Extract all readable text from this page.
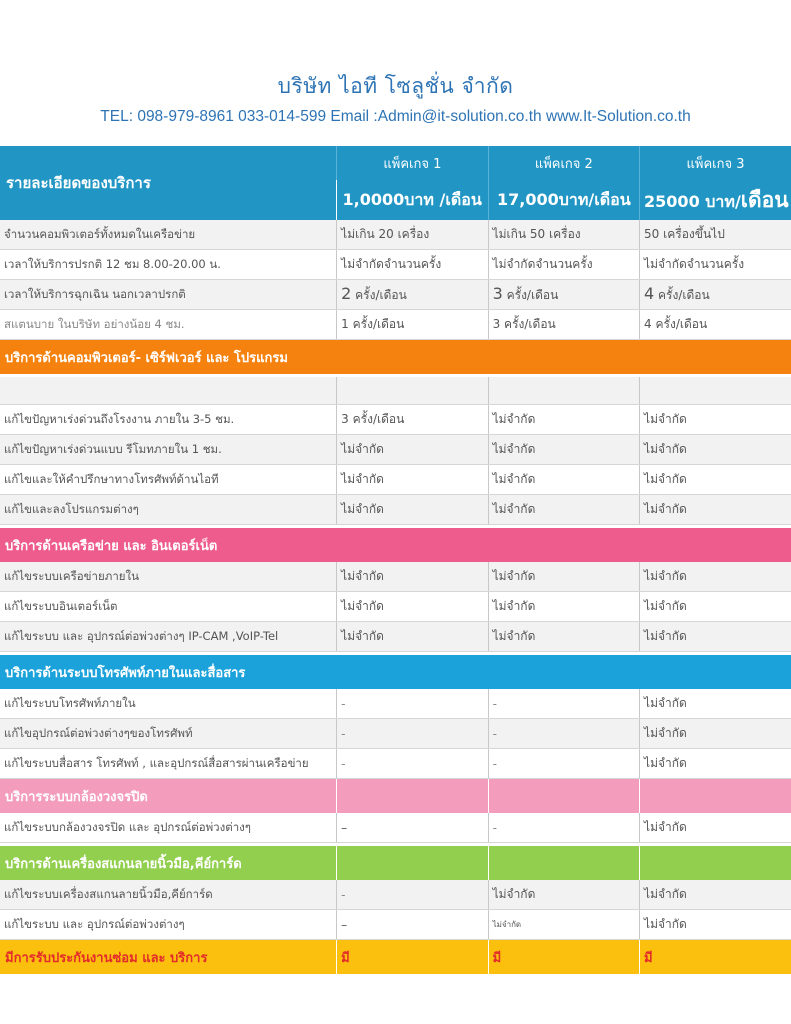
บริษัท ไอที โซลูชั่น จำกัด
TEL: 098-979-8961 033-014-599 Email :Admin@it-solution.co.th www.It-Solution.co.th
รายละเอียดของบริการ	แพ็คเกจ 1	แพ็คเกจ 2	แพ็คเกจ 3
	1,0000บาท /เดือน	17,000บาท/เดือน	25000 บาท/เดือน
จำนวนคอมพิวเตอร์ทั้งหมดในเครือข่าย	ไม่เกิน 20 เครื่อง	ไม่เกิน 50 เครื่อง	50 เครื่องขึ้นไป
เวลาให้บริการปรกติ 12 ชม 8.00-20.00 น.	ไม่จำกัดจำนวนครั้ง	ไม่จำกัดจำนวนครั้ง	ไม่จำกัดจำนวนครั้ง
เวลาให้บริการฉุกเฉิน นอกเวลาปรกติ	2 ครั้ง/เดือน	3 ครั้ง/เดือน	4 ครั้ง/เดือน
สแตนบาย ในบริษัท อย่างน้อย 4 ชม.	1 ครั้ง/เดือน	3 ครั้ง/เดือน	4 ครั้ง/เดือน
บริการด้านคอมพิวเตอร์- เซิร์ฟเวอร์ และ โปรแกรม			

แก้ไขปัญหาเร่งด่วนถึงโรงงาน ภายใน 3-5 ชม.	3 ครั้ง/เดือน	ไม่จำกัด	ไม่จำกัด
แก้ไขปัญหาเร่งด่วนแบบ รีโมทภายใน 1 ชม.	ไม่จำกัด	ไม่จำกัด	ไม่จำกัด
แก้ไขและให้คำปรึกษาทางโทรศัพท์ด้านไอที	ไม่จำกัด	ไม่จำกัด	ไม่จำกัด
แก้ไขและลงโปรแกรมต่างๆ	ไม่จำกัด	ไม่จำกัด	ไม่จำกัด

บริการด้านเครือข่าย และ อินเตอร์เน็ต			
แก้ไขระบบเครือข่ายภายใน	ไม่จำกัด	ไม่จำกัด	ไม่จำกัด
แก้ไขระบบอินเตอร์เน็ต	ไม่จำกัด	ไม่จำกัด	ไม่จำกัด
แก้ไขระบบ และ อุปกรณ์ต่อพ่วงต่างๆ IP-CAM ,VoIP-Tel	ไม่จำกัด	ไม่จำกัด	ไม่จำกัด

บริการด้านระบบโทรศัพท์ภายในและสื่อสาร			
แก้ไขระบบโทรศัพท์ภายใน	-	-	ไม่จำกัด
แก้ไขอุปกรณ์ต่อพ่วงต่างๆของโทรศัพท์	-	-	ไม่จำกัด
แก้ไขระบบสื่อสาร โทรศัพท์ , และอุปกรณ์สื่อสารผ่านเครือข่าย	-	-	ไม่จำกัด
บริการระบบกล้องวงจรปิด			
แก้ไขระบบกล้องวงจรปิด และ อุปกรณ์ต่อพ่วงต่างๆ	–	-	ไม่จำกัด

บริการด้านเครื่องสแกนลายนิ้วมือ,คีย์การ์ด			
แก้ไขระบบเครื่องสแกนลายนิ้วมือ,คีย์การ์ด	-	ไม่จำกัด	ไม่จำกัด
แก้ไขระบบ และ อุปกรณ์ต่อพ่วงต่างๆ	–	ไม่จำกัด	ไม่จำกัด
มีการรับประกันงานซ่อม และ บริการ	มี	มี	มี
